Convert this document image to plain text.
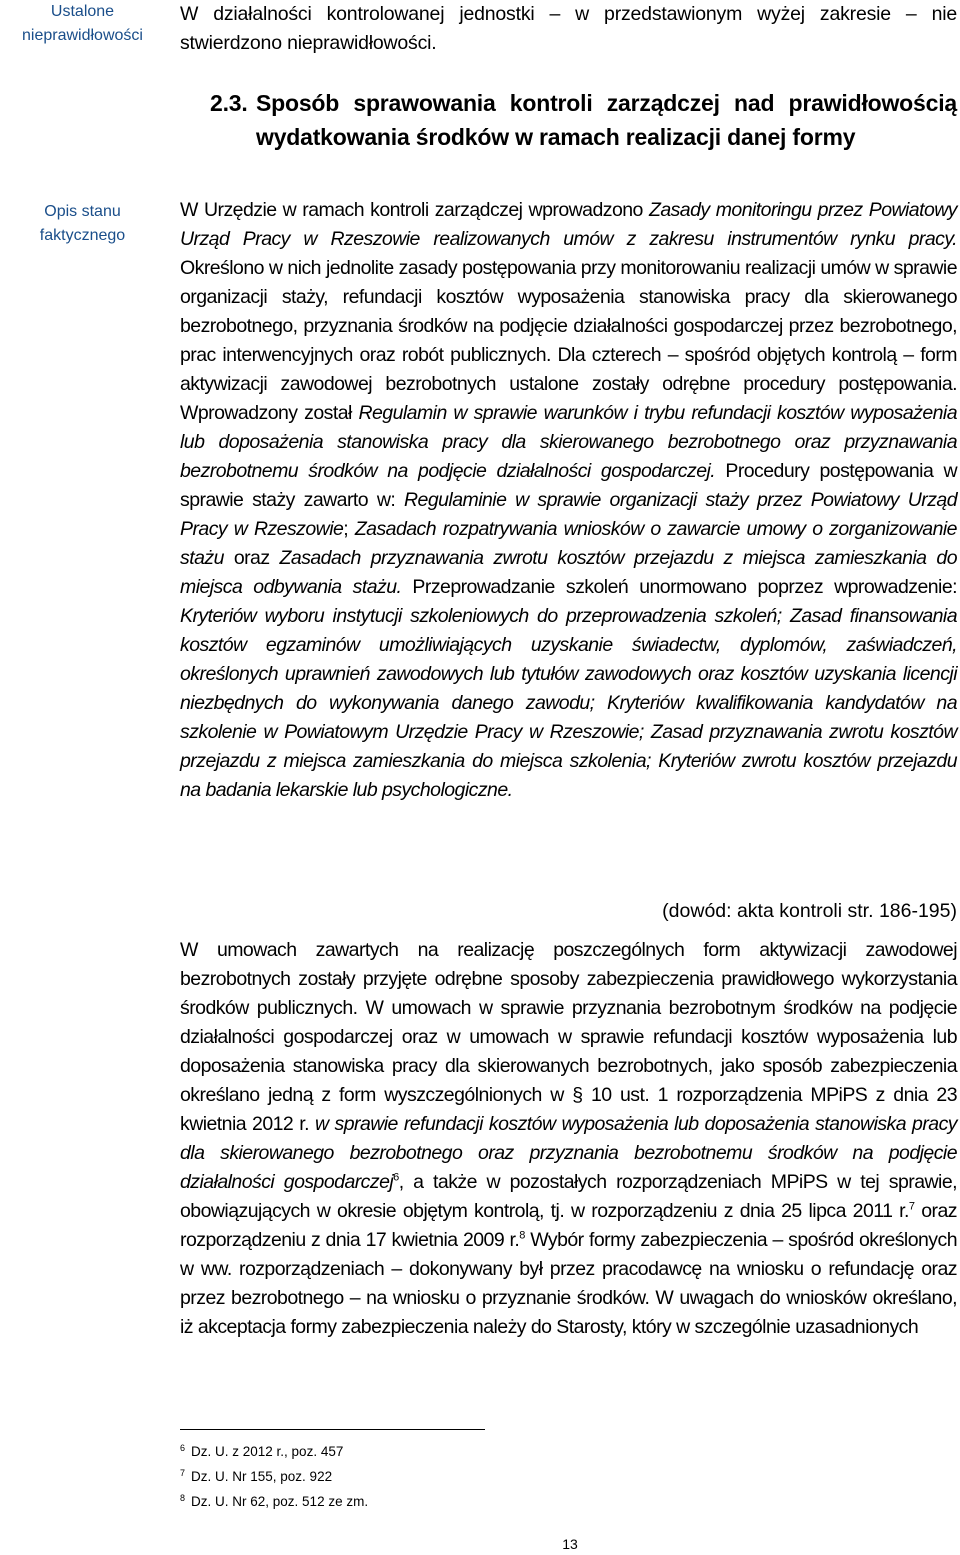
Ustalone nieprawidłowości
Opis stanu faktycznego

W działalności kontrolowanej jednostki – w przedstawionym wyżej zakresie – nie stwierdzono nieprawidłowości.

2.3. Sposób sprawowania kontroli zarządczej nad prawidłowością wydatkowania środków w ramach realizacji danej formy

W Urzędzie w ramach kontroli zarządczej wprowadzono Zasady monitoringu przez Powiatowy Urząd Pracy w Rzeszowie realizowanych umów z zakresu instrumentów rynku pracy. Określono w nich jednolite zasady postępowania przy monitorowaniu realizacji umów w sprawie organizacji staży, refundacji kosztów wyposażenia stanowiska pracy dla skierowanego bezrobotnego, przyznania środków na podjęcie działalności gospodarczej przez bezrobotnego, prac interwencyjnych oraz robót publicznych. Dla czterech – spośród objętych kontrolą – form aktywizacji zawodowej bezrobotnych ustalone zostały odrębne procedury postępowania. Wprowadzony został Regulamin w sprawie warunków i trybu refundacji kosztów wyposażenia lub doposażenia stanowiska pracy dla skierowanego bezrobotnego oraz przyznawania bezrobotnemu środków na podjęcie działalności gospodarczej. Procedury postępowania w sprawie staży zawarto w: Regulaminie w sprawie organizacji staży przez Powiatowy Urząd Pracy w Rzeszowie; Zasadach rozpatrywania wniosków o zawarcie umowy o zorganizowanie stażu oraz Zasadach przyznawania zwrotu kosztów przejazdu z miejsca zamieszkania do miejsca odbywania stażu. Przeprowadzanie szkoleń unormowano poprzez wprowadzenie: Kryteriów wyboru instytucji szkoleniowych do przeprowadzenia szkoleń; Zasad finansowania kosztów egzaminów umożliwiających uzyskanie świadectw, dyplomów, zaświadczeń, określonych uprawnień zawodowych lub tytułów zawodowych oraz kosztów uzyskania licencji niezbędnych do wykonywania danego zawodu; Kryteriów kwalifikowania kandydatów na szkolenie w Powiatowym Urzędzie Pracy w Rzeszowie; Zasad przyznawania zwrotu kosztów przejazdu z miejsca zamieszkania do miejsca szkolenia; Kryteriów zwrotu kosztów przejazdu na badania lekarskie lub psychologiczne.

(dowód: akta kontroli str. 186-195)

W umowach zawartych na realizację poszczególnych form aktywizacji zawodowej bezrobotnych zostały przyjęte odrębne sposoby zabezpieczenia prawidłowego wykorzystania środków publicznych. W umowach w sprawie przyznania bezrobotnym środków na podjęcie działalności gospodarczej oraz w umowach w sprawie refundacji kosztów wyposażenia lub doposażenia stanowiska pracy dla skierowanych bezrobotnych, jako sposób zabezpieczenia określano jedną z form wyszczególnionych w § 10 ust. 1 rozporządzenia MPiPS z dnia 23 kwietnia 2012 r. w sprawie refundacji kosztów wyposażenia lub doposażenia stanowiska pracy dla skierowanego bezrobotnego oraz przyznania bezrobotnemu środków na podjęcie działalności gospodarczej$^6$, a także w pozostałych rozporządzeniach MPiPS w tej sprawie, obowiązujących w okresie objętym kontrolą, tj. w rozporządzeniu z dnia 25 lipca 2011 r.$^7$ oraz rozporządzeniu z dnia 17 kwietnia 2009 r.$^8$ Wybór formy zabezpieczenia – spośród określonych w ww. rozporządzeniach – dokonywany był przez pracodawcę na wniosku o refundację oraz przez bezrobotnego – na wniosku o przyznanie środków. W uwagach do wniosków określano, iż akceptacja formy zabezpieczenia należy do Starosty, który w szczególnie uzasadnionych

$^6$ Dz. U. z 2012 r., poz. 457
$^7$ Dz. U. Nr 155, poz. 922
$^8$ Dz. U. Nr 62, poz. 512 ze zm.
13
